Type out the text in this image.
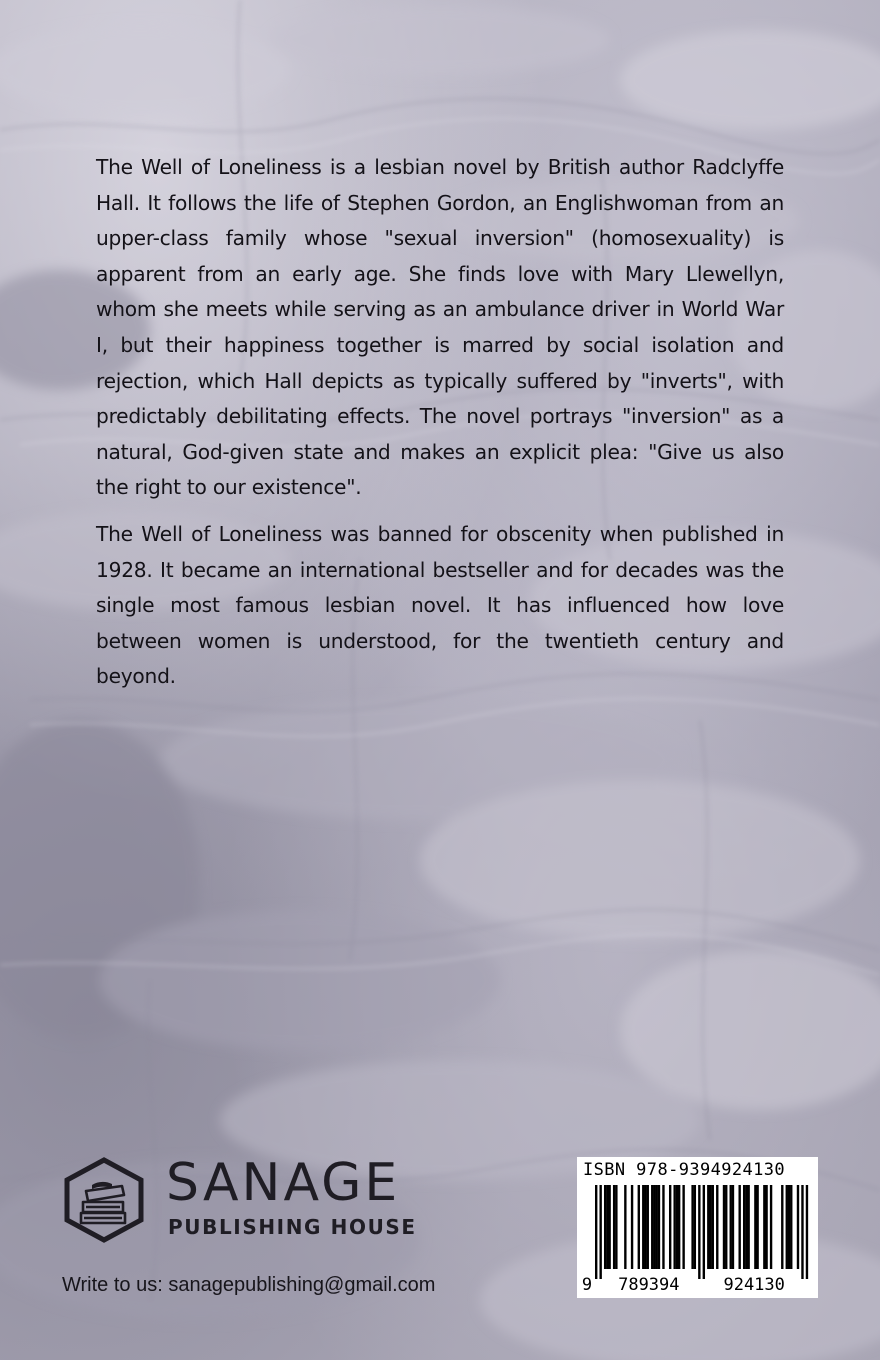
The Well of Loneliness is a lesbian novel by British author Radclyffe Hall. It follows the life of Stephen Gordon, an Englishwoman from an upper-class family whose "sexual inversion" (homosexuality) is apparent from an early age. She finds love with Mary Llewellyn, whom she meets while serving as an ambulance driver in World War I, but their happiness together is marred by social isolation and rejection, which Hall depicts as typically suffered by "inverts", with predictably debilitating effects. The novel portrays "inversion" as a natural, God-given state and makes an explicit plea: "Give us also the right to our existence".

The Well of Loneliness was banned for obscenity when published in 1928. It became an international bestseller and for decades was the single most famous lesbian novel. It has influenced how love between women is understood, for the twentieth century and beyond.

SANAGE
PUBLISHING HOUSE
Write to us: sanagepublishing@gmail.com
ISBN 978-9394924130
9 789394	924130
